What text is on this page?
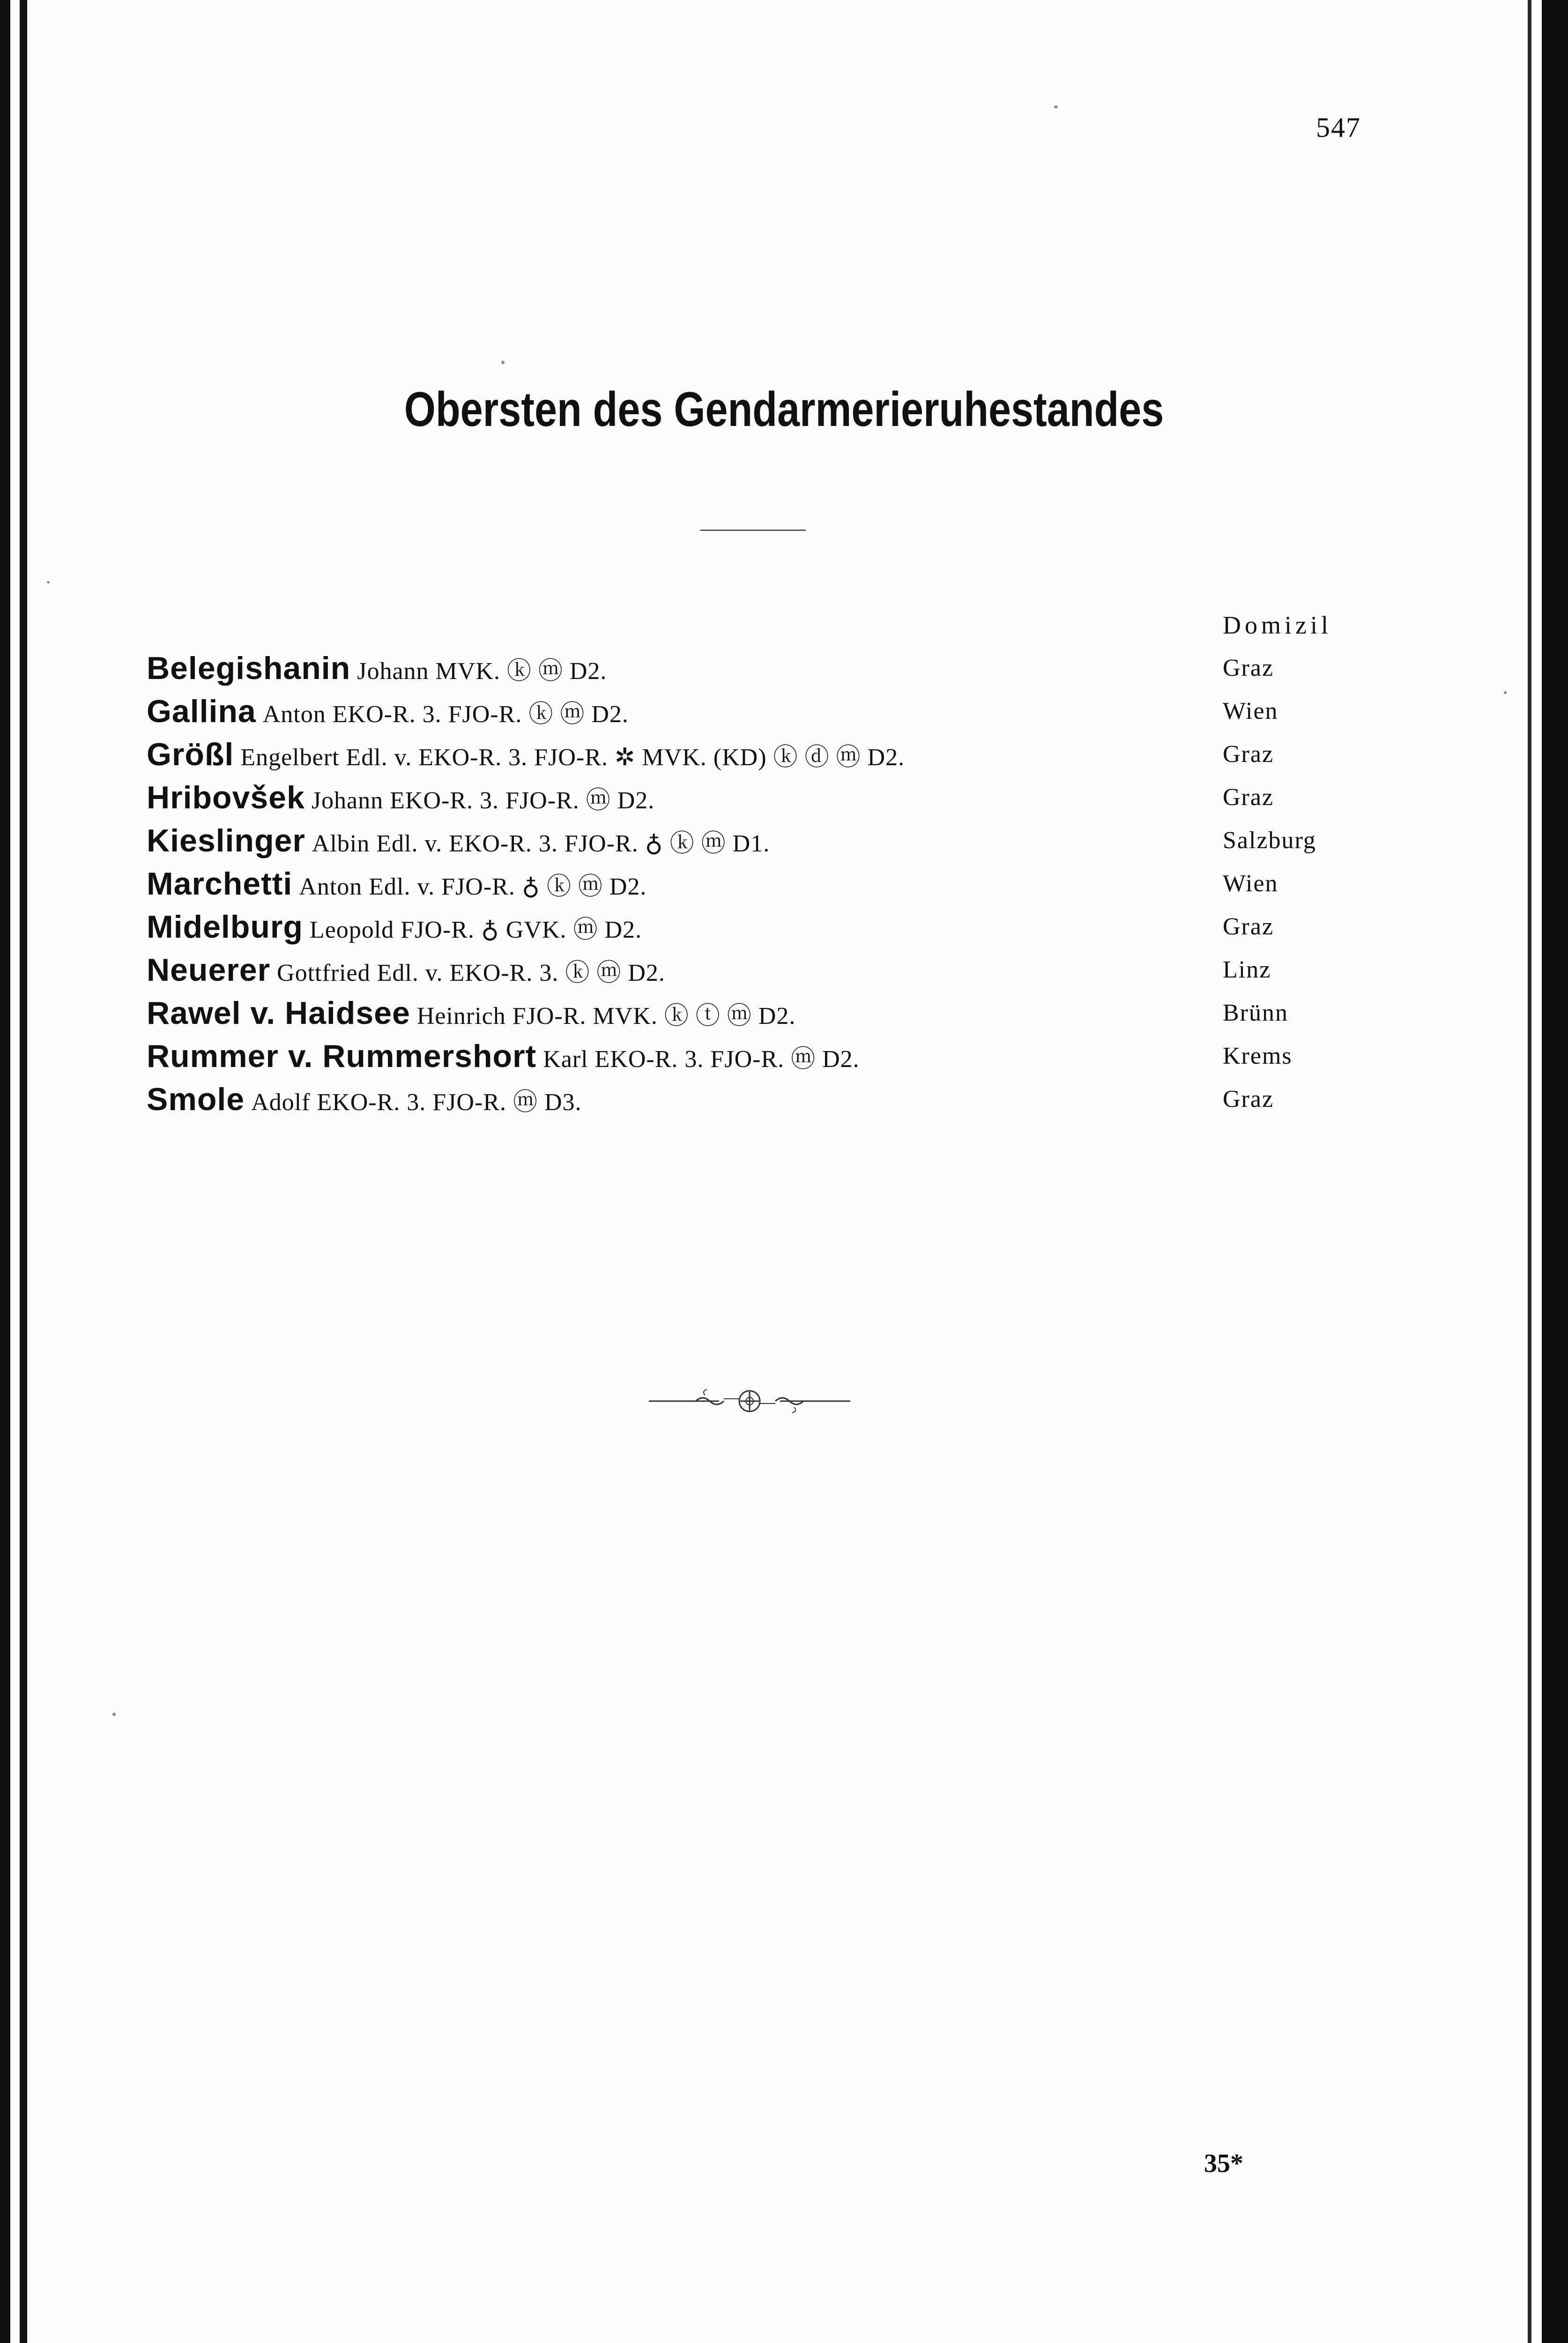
547
Obersten des Gendarmerieruhestandes
Domizil
Belegishanin Johann MVK. ⓚ ⓜ D2.	Graz
Gallina Anton EKO-R. 3. FJO-R. ⓚ ⓜ D2.	Wien
Größl Engelbert Edl. v. EKO-R. 3. FJO-R. ✲ MVK. (KD) ⓚ ⓓ ⓜ D2.	Graz
Hribovšek Johann EKO-R. 3. FJO-R. ⓜ D2.	Graz
Kieslinger Albin Edl. v. EKO-R. 3. FJO-R. ♁ ⓚ ⓜ D1.	Salzburg
Marchetti Anton Edl. v. FJO-R. ♁ ⓚ ⓜ D2.	Wien
Midelburg Leopold FJO-R. ♁ GVK. ⓜ D2.	Graz
Neuerer Gottfried Edl. v. EKO-R. 3. ⓚ ⓜ D2.	Linz
Rawel v. Haidsee Heinrich FJO-R. MVK. ⓚ ⓣ ⓜ D2.	Brünn
Rummer v. Rummershort Karl EKO-R. 3. FJO-R. ⓜ D2.	Krems
Smole Adolf EKO-R. 3. FJO-R. ⓜ D3.	Graz
35*
